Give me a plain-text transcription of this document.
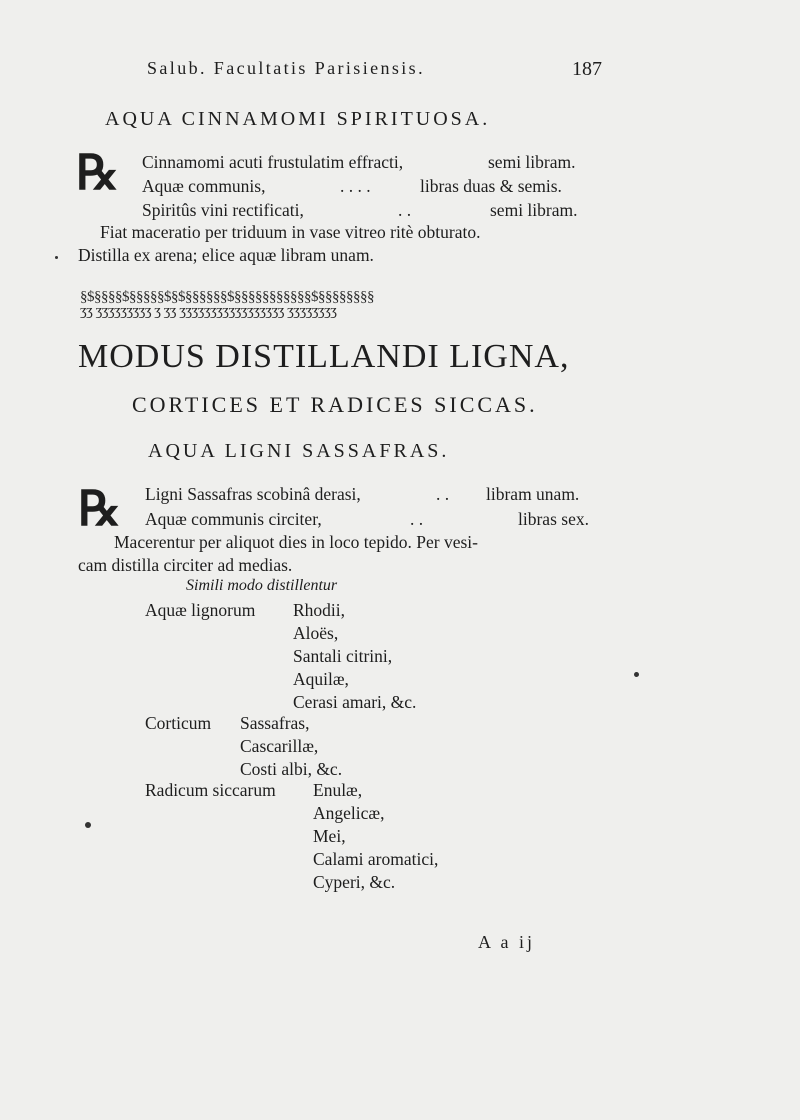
Salub. Facultatis Parisiensis.	187
AQUA CINNAMOMI SPIRITUOSA.
℞ Cinnamomi acuti frustulatim effracti,	semi libram.
Aquæ communis,	. . . .	libras duas & semis.
Spiritûs vini rectificati,	. .	semi libram.
Fiat maceratio per triduum in vase vitreo ritè obturato.
Distilla ex arena; elice aquæ libram unam.
§$§§§§$§§§§§$§$§§§§§§$§§§§§§§§§§§$§§§§§§§§
ʒʒ ʒʒʒʒʒʒʒʒʒ ʒ ʒʒ ʒʒʒʒʒʒʒʒʒʒʒʒʒʒʒʒʒ ʒʒʒʒʒʒʒʒ
MODUS DISTILLANDI LIGNA,
CORTICES ET RADICES SICCAS.
AQUA LIGNI SASSAFRAS.
℞ Ligni Sassafras scobinâ derasi,	. . libram unam.
Aquæ communis circiter,	. .	libras sex.
Macerentur per aliquot dies in loco tepido. Per vesi-
cam distilla circiter ad medias.
Simili modo distillentur
Aquæ lignorum Rhodii,
Aloës,
Santali citrini,
Aquilæ,
Cerasi amari, &c.
Corticum Sassafras,
Cascarillæ,
Costi albi, &c.
Radicum siccarum Enulæ,
Angelicæ,
Mei,
Calami aromatici,
Cyperi, &c.
A a ij
